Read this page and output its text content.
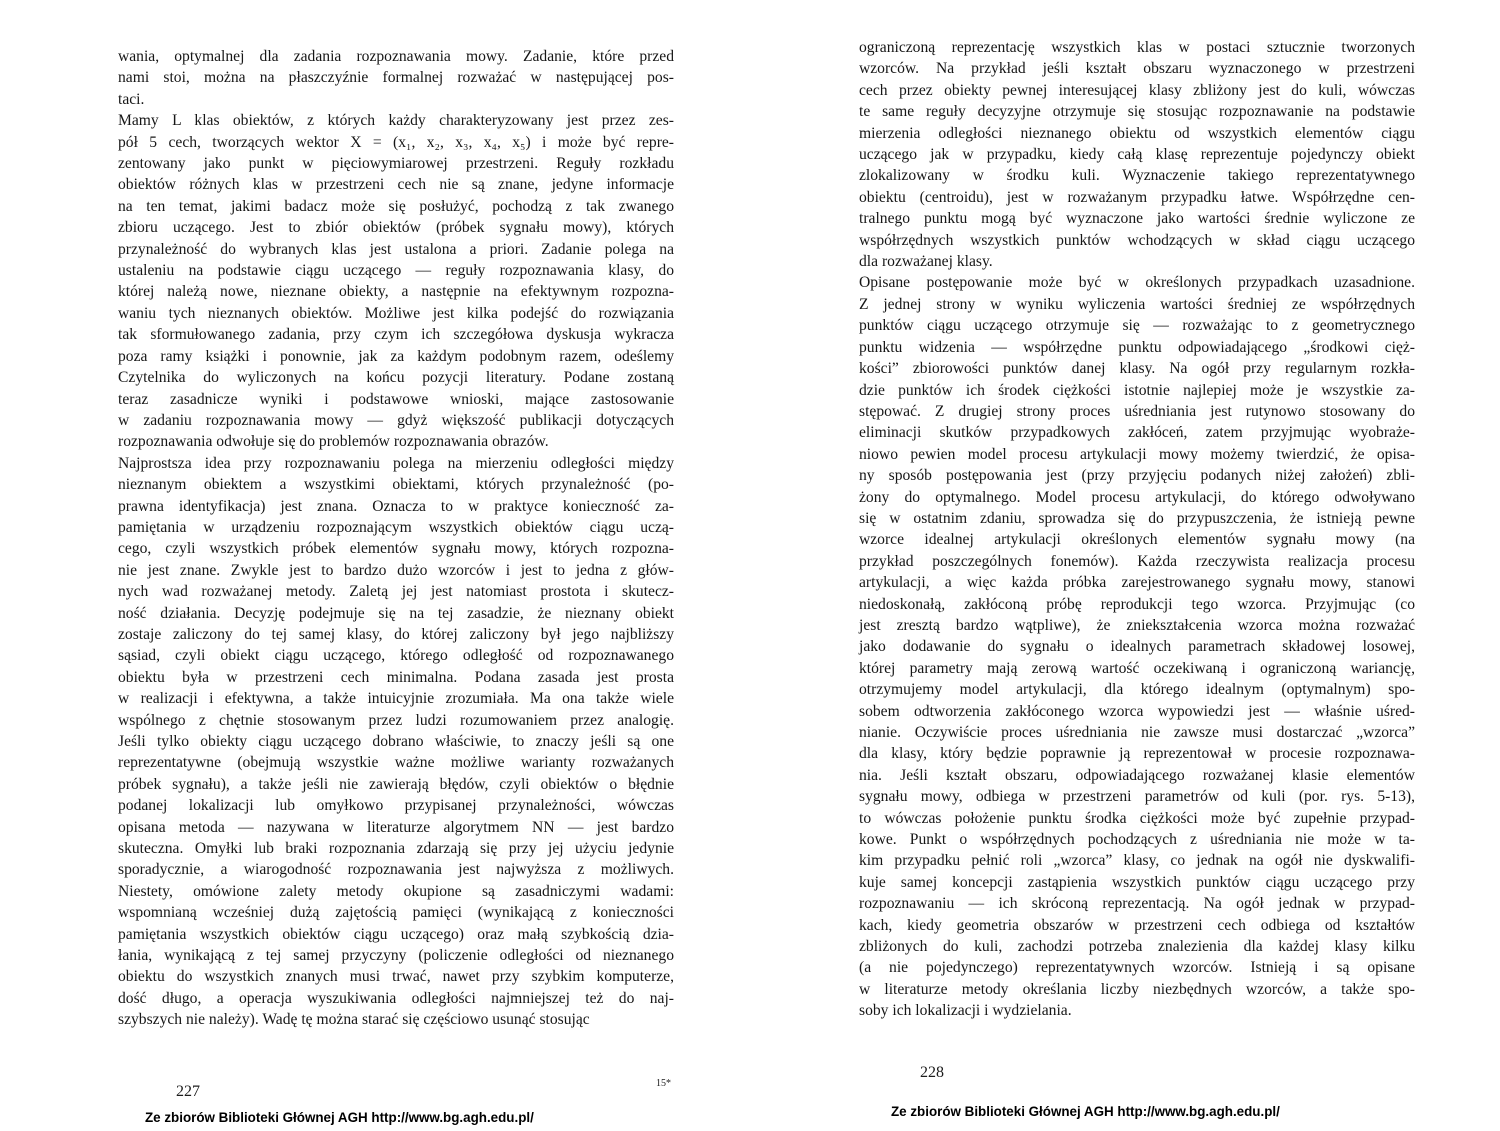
wania, optymalnej dla zadania rozpoznawania mowy. Zadanie, które przed
nami stoi, można na płaszczyźnie formalnej rozważać w następującej pos-
taci.

Mamy L klas obiektów, z których każdy charakteryzowany jest przez zes-
pół 5 cech, tworzących wektor X = (x₁, x₂, x₃, x₄, x₅) i może być repre-
zentowany jako punkt w pięciowymiarowej przestrzeni. Reguły rozkładu
obiektów różnych klas w przestrzeni cech nie są znane, jedyne informacje
na ten temat, jakimi badacz może się posłużyć, pochodzą z tak zwanego
zbioru uczącego. Jest to zbiór obiektów (próbek sygnału mowy), których
przynależność do wybranych klas jest ustalona a priori. Zadanie polega na
ustaleniu na podstawie ciągu uczącego — reguły rozpoznawania klasy, do
której należą nowe, nieznane obiekty, a następnie na efektywnym rozpozna-
waniu tych nieznanych obiektów. Możliwe jest kilka podejść do rozwiązania
tak sformułowanego zadania, przy czym ich szczegółowa dyskusja wykracza
poza ramy książki i ponownie, jak za każdym podobnym razem, odeślemy
Czytelnika do wyliczonych na końcu pozycji literatury. Podane zostaną
teraz zasadnicze wyniki i podstawowe wnioski, mające zastosowanie
w zadaniu rozpoznawania mowy — gdyż większość publikacji dotyczących
rozpoznawania odwołuje się do problemów rozpoznawania obrazów.

Najprostsza idea przy rozpoznawaniu polega na mierzeniu odległości między
nieznanym obiektem a wszystkimi obiektami, których przynależność (po-
prawna identyfikacja) jest znana. Oznacza to w praktyce konieczność za-
pamiętania w urządzeniu rozpoznającym wszystkich obiektów ciągu uczą-
cego, czyli wszystkich próbek elementów sygnału mowy, których rozpozna-
nie jest znane. Zwykle jest to bardzo dużo wzorców i jest to jedna z głów-
nych wad rozważanej metody. Zaletą jej jest natomiast prostota i skutecz-
ność działania. Decyzję podejmuje się na tej zasadzie, że nieznany obiekt
zostaje zaliczony do tej samej klasy, do której zaliczony był jego najbliższy
sąsiad, czyli obiekt ciągu uczącego, którego odległość od rozpoznawanego
obiektu była w przestrzeni cech minimalna. Podana zasada jest prosta
w realizacji i efektywna, a także intuicyjnie zrozumiała. Ma ona także wiele
wspólnego z chętnie stosowanym przez ludzi rozumowaniem przez analogię.
Jeśli tylko obiekty ciągu uczącego dobrano właściwie, to znaczy jeśli są one
reprezentatywne (obejmują wszystkie ważne możliwe warianty rozważanych
próbek sygnału), a także jeśli nie zawierają błędów, czyli obiektów o błędnie
podanej lokalizacji lub omyłkowo przypisanej przynależności, wówczas
opisana metoda — nazywana w literaturze algorytmem NN — jest bardzo
skuteczna. Omyłki lub braki rozpoznania zdarzają się przy jej użyciu jedynie
sporadycznie, a wiarogodność rozpoznawania jest najwyższa z możliwych.
Niestety, omówione zalety metody okupione są zasadniczymi wadami:
wspomnianą wcześniej dużą zajętością pamięci (wynikającą z konieczności
pamiętania wszystkich obiektów ciągu uczącego) oraz małą szybkością dzia-
łania, wynikającą z tej samej przyczyny (policzenie odległości od nieznanego
obiektu do wszystkich znanych musi trwać, nawet przy szybkim komputerze,
dość długo, a operacja wyszukiwania odległości najmniejszej też do naj-
szybszych nie należy). Wadę tę można starać się częściowo usunąć stosując

227	15*
Ze zbiorów Biblioteki Głównej AGH http://www.bg.agh.edu.pl/

ograniczoną reprezentację wszystkich klas w postaci sztucznie tworzonych
wzorców. Na przykład jeśli kształt obszaru wyznaczonego w przestrzeni
cech przez obiekty pewnej interesującej klasy zbliżony jest do kuli, wówczas
te same reguły decyzyjne otrzymuje się stosując rozpoznawanie na podstawie
mierzenia odległości nieznanego obiektu od wszystkich elementów ciągu
uczącego jak w przypadku, kiedy całą klasę reprezentuje pojedynczy obiekt
zlokalizowany w środku kuli. Wyznaczenie takiego reprezentatywnego
obiektu (centroidu), jest w rozważanym przypadku łatwe. Współrzędne cen-
tralnego punktu mogą być wyznaczone jako wartości średnie wyliczone ze
współrzędnych wszystkich punktów wchodzących w skład ciągu uczącego
dla rozważanej klasy.

Opisane postępowanie może być w określonych przypadkach uzasadnione.
Z jednej strony w wyniku wyliczenia wartości średniej ze współrzędnych
punktów ciągu uczącego otrzymuje się — rozważając to z geometrycznego
punktu widzenia — współrzędne punktu odpowiadającego „środkowi cięż-
kości” zbiorowości punktów danej klasy. Na ogół przy regularnym rozkła-
dzie punktów ich środek ciężkości istotnie najlepiej może je wszystkie za-
stępować. Z drugiej strony proces uśredniania jest rutynowo stosowany do
eliminacji skutków przypadkowych zakłóceń, zatem przyjmując wyobraże-
niowo pewien model procesu artykulacji mowy możemy twierdzić, że opisa-
ny sposób postępowania jest (przy przyjęciu podanych niżej założeń) zbli-
żony do optymalnego. Model procesu artykulacji, do którego odwoływano
się w ostatnim zdaniu, sprowadza się do przypuszczenia, że istnieją pewne
wzorce idealnej artykulacji określonych elementów sygnału mowy (na
przykład poszczególnych fonemów). Każda rzeczywista realizacja procesu
artykulacji, a więc każda próbka zarejestrowanego sygnału mowy, stanowi
niedoskonałą, zakłóconą próbę reprodukcji tego wzorca. Przyjmując (co
jest zresztą bardzo wątpliwe), że zniekształcenia wzorca można rozważać
jako dodawanie do sygnału o idealnych parametrach składowej losowej,
której parametry mają zerową wartość oczekiwaną i ograniczoną wariancję,
otrzymujemy model artykulacji, dla którego idealnym (optymalnym) spo-
sobem odtworzenia zakłóconego wzorca wypowiedzi jest — właśnie uśred-
nianie. Oczywiście proces uśredniania nie zawsze musi dostarczać „wzorca”
dla klasy, który będzie poprawnie ją reprezentował w procesie rozpoznawa-
nia. Jeśli kształt obszaru, odpowiadającego rozważanej klasie elementów
sygnału mowy, odbiega w przestrzeni parametrów od kuli (por. rys. 5-13),
to wówczas położenie punktu środka ciężkości może być zupełnie przypad-
kowe. Punkt o współrzędnych pochodzących z uśredniania nie może w ta-
kim przypadku pełnić roli „wzorca” klasy, co jednak na ogół nie dyskwalifi-
kuje samej koncepcji zastąpienia wszystkich punktów ciągu uczącego przy
rozpoznawaniu — ich skróconą reprezentacją. Na ogół jednak w przypad-
kach, kiedy geometria obszarów w przestrzeni cech odbiega od kształtów
zbliżonych do kuli, zachodzi potrzeba znalezienia dla każdej klasy kilku
(a nie pojedynczego) reprezentatywnych wzorców. Istnieją i są opisane
w literaturze metody określania liczby niezbędnych wzorców, a także spo-
soby ich lokalizacji i wydzielania.

228
Ze zbiorów Biblioteki Głównej AGH http://www.bg.agh.edu.pl/
